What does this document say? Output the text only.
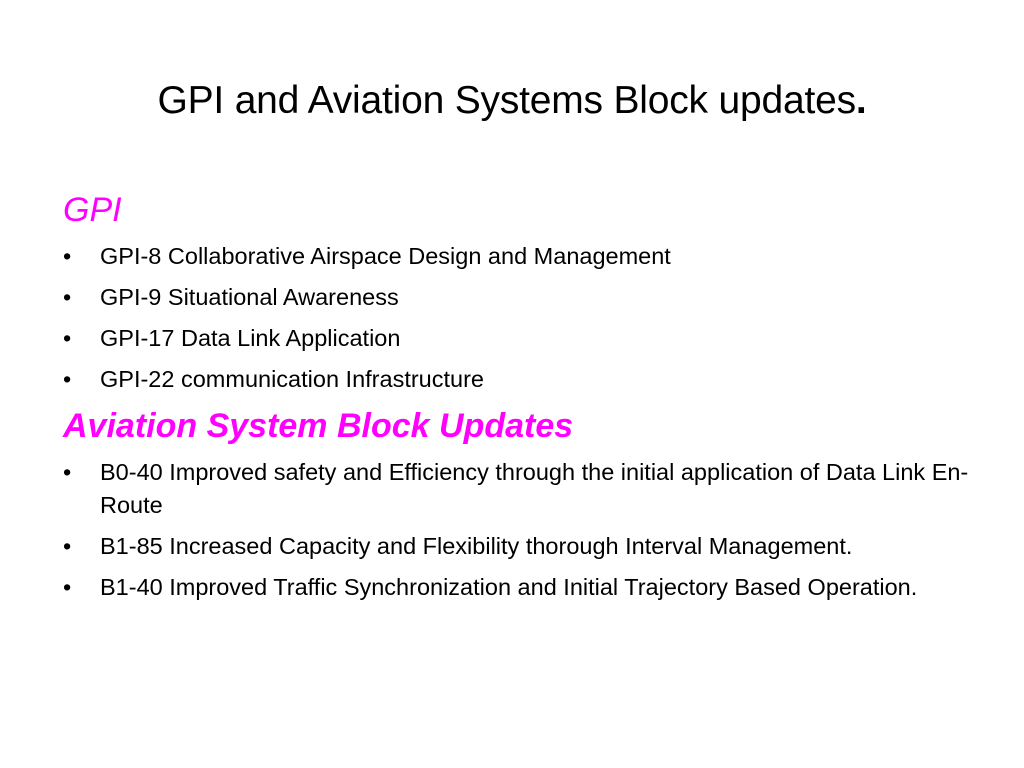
GPI and Aviation Systems Block updates.
GPI
•	GPI-8 Collaborative Airspace Design and Management
•	GPI-9 Situational Awareness
•	GPI-17 Data Link Application
•	GPI-22 communication Infrastructure
Aviation System Block Updates
•	B0-40 Improved safety and Efficiency through the initial application of Data Link En-Route
•	B1-85 Increased Capacity and Flexibility thorough Interval Management.
•	B1-40 Improved Traffic Synchronization and Initial Trajectory Based Operation.
